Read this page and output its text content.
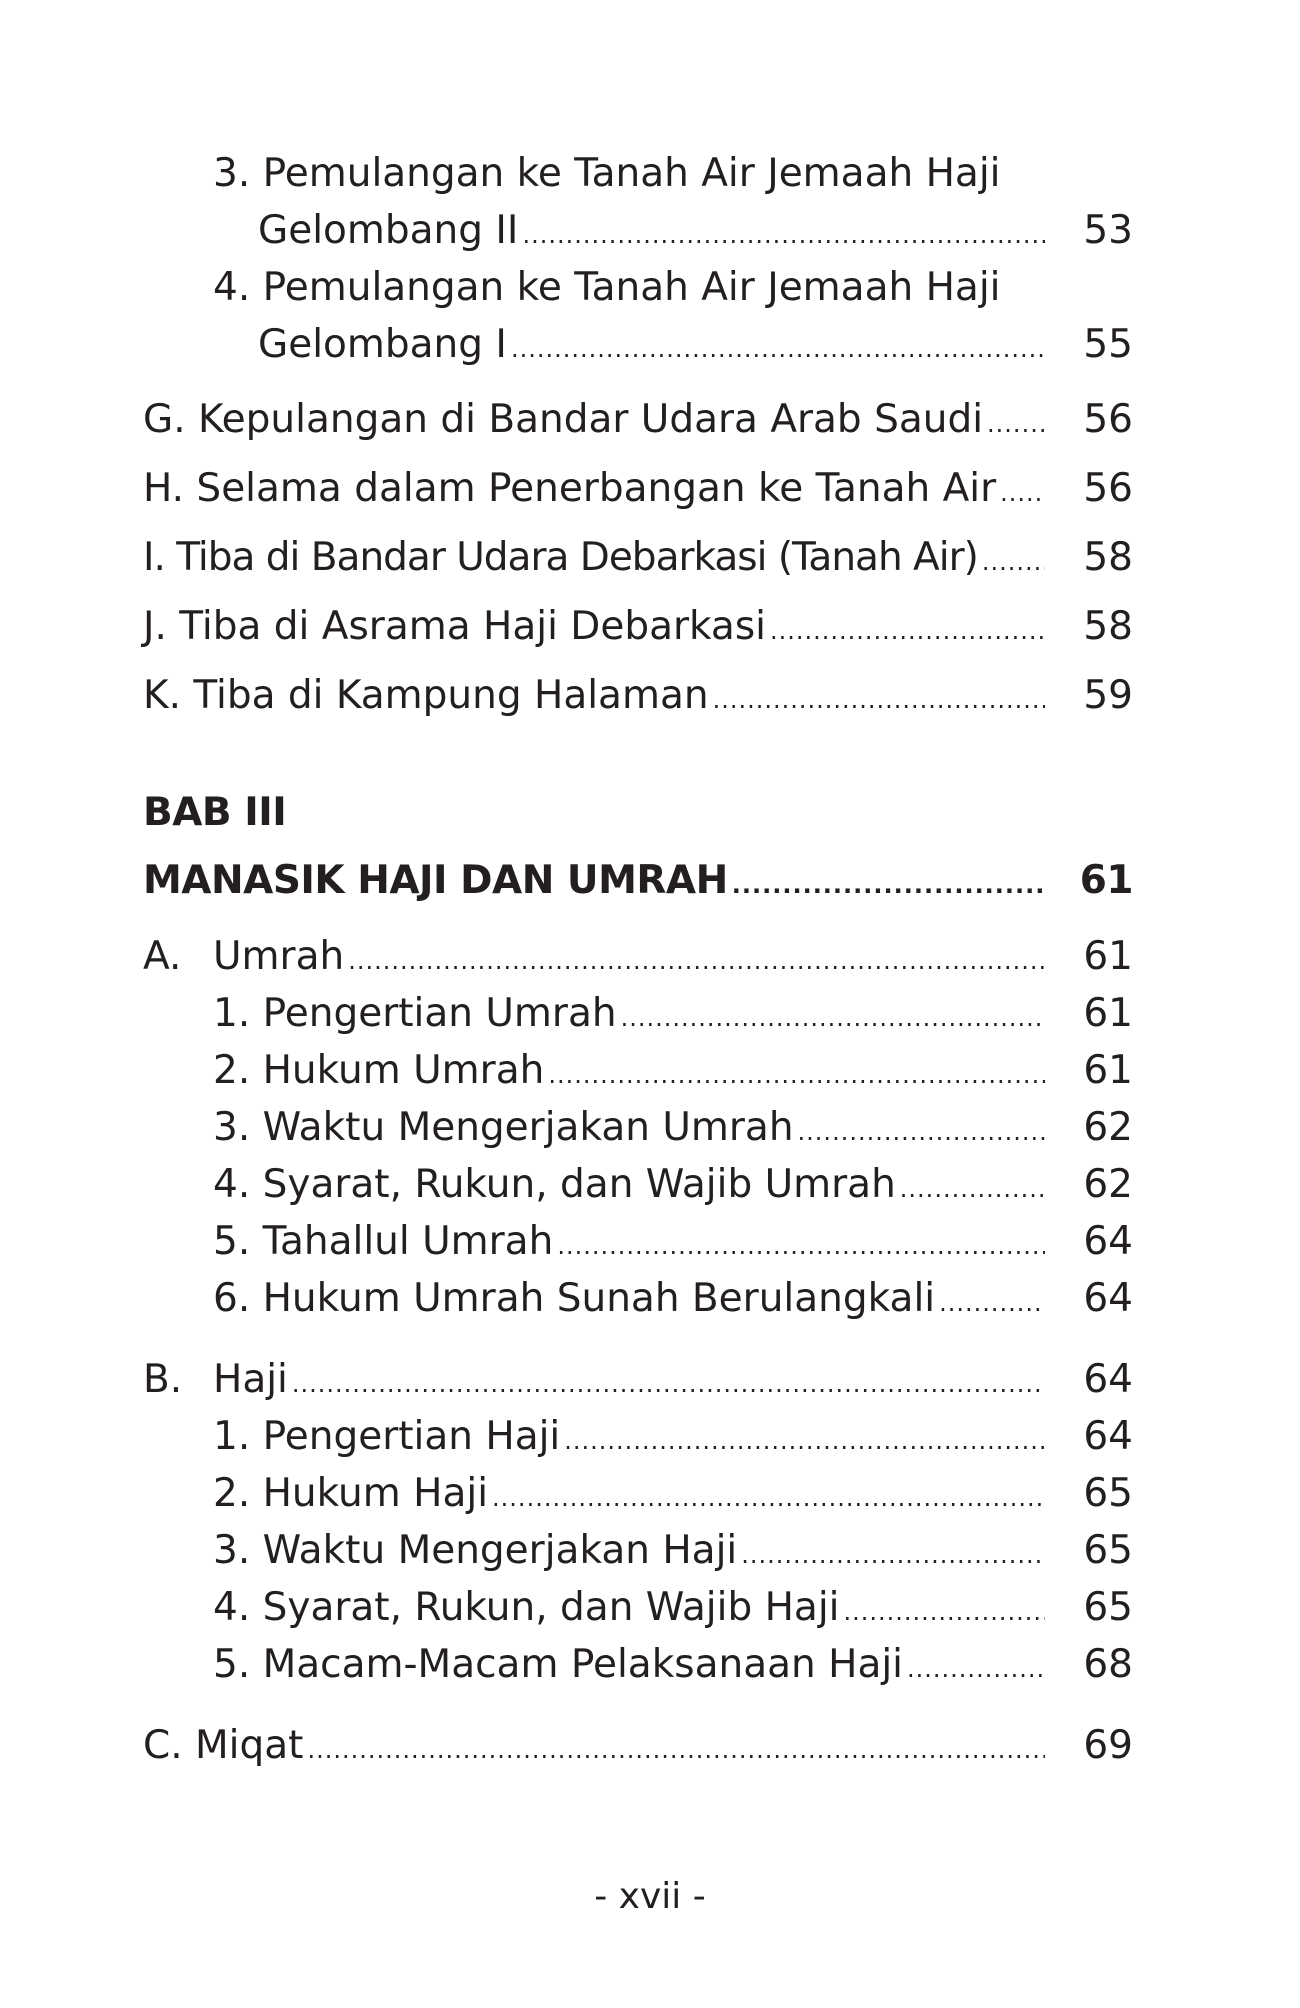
3. Pemulangan ke Tanah Air Jemaah Haji
Gelombang II .....	53
4. Pemulangan ke Tanah Air Jemaah Haji
Gelombang I .....	55
G. Kepulangan di Bandar Udara Arab Saudi .....	56
H. Selama dalam Penerbangan ke Tanah Air .....	56
I. Tiba di Bandar Udara Debarkasi (Tanah Air) .....	58
J. Tiba di Asrama Haji Debarkasi .....	58
K. Tiba di Kampung Halaman .....	59
BAB III
MANASIK HAJI DAN UMRAH .....	61
A. Umrah .....	61
1. Pengertian Umrah .....	61
2. Hukum Umrah .....	61
3. Waktu Mengerjakan Umrah .....	62
4. Syarat, Rukun, dan Wajib Umrah .....	62
5. Tahallul Umrah .....	64
6. Hukum Umrah Sunah Berulangkali .....	64
B. Haji .....	64
1. Pengertian Haji .....	64
2. Hukum Haji .....	65
3. Waktu Mengerjakan Haji .....	65
4. Syarat, Rukun, dan Wajib Haji .....	65
5. Macam-Macam Pelaksanaan Haji .....	68
C. Miqat .....	69
- xvii -
